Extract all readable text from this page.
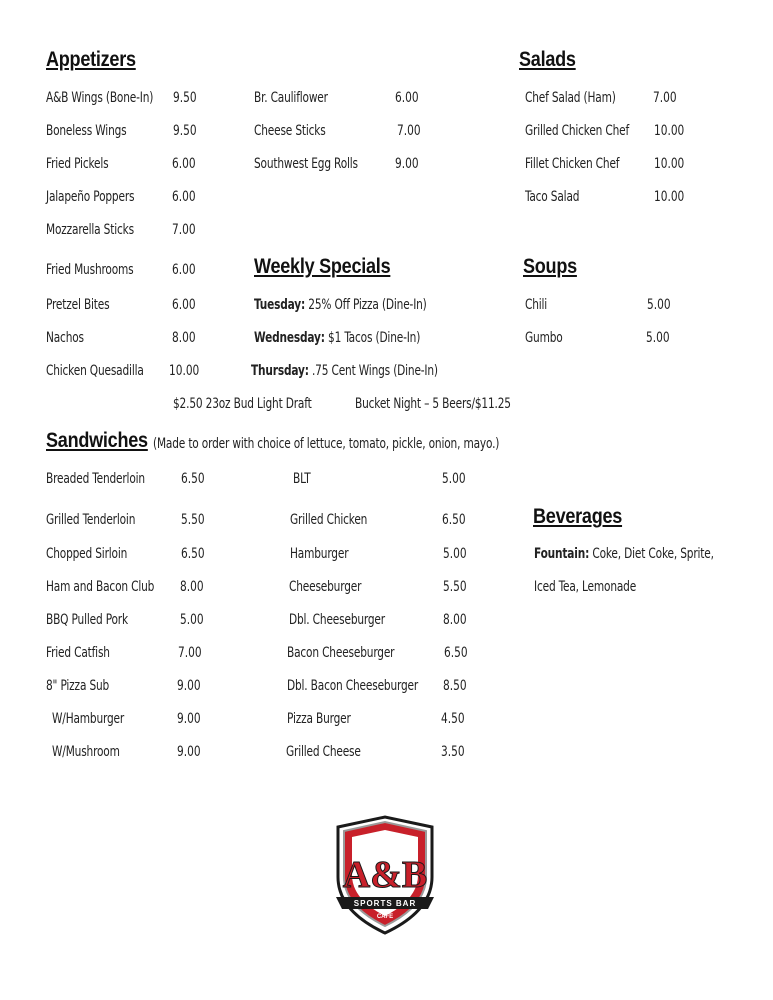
Appetizers
A&B Wings (Bone-In) 9.50
Boneless Wings	9.50
Fried Pickels	6.00
Jalapeño Poppers	6.00
Mozzarella Sticks	7.00
Fried Mushrooms	6.00
Pretzel Bites	6.00
Nachos	8.00
Chicken Quesadilla 10.00
Br. Cauliflower	6.00
Cheese Sticks	7.00
Southwest Egg Rolls	9.00
Salads
Chef Salad (Ham)	7.00
Grilled Chicken Chef 10.00
Fillet Chicken Chef 10.00
Taco Salad	10.00
Weekly Specials
Tuesday: 25% Off Pizza (Dine-In)
Wednesday: $1 Tacos (Dine-In)
Thursday: .75 Cent Wings (Dine-In)
$2.50 23oz Bud Light Draft	Bucket Night – 5 Beers/$11.25
Soups
Chili	5.00
Gumbo	5.00
Sandwiches (Made to order with choice of lettuce, tomato, pickle, onion, mayo.)
Breaded Tenderloin	6.50
Grilled Tenderloin	5.50
Chopped Sirloin	6.50
Ham and Bacon Club 8.00
BBQ Pulled Pork	5.00
Fried Catfish	7.00
8" Pizza Sub	9.00
W/Hamburger	9.00
W/Mushroom	9.00
BLT	5.00
Grilled Chicken	6.50
Hamburger	5.00
Cheeseburger	5.50
Dbl. Cheeseburger	8.00
Bacon Cheeseburger	6.50
Dbl. Bacon Cheeseburger 8.50
Pizza Burger	4.50
Grilled Cheese	3.50
Beverages
Fountain: Coke, Diet Coke, Sprite,
Iced Tea, Lemonade
A&B
SPORTS BAR
CAFE
